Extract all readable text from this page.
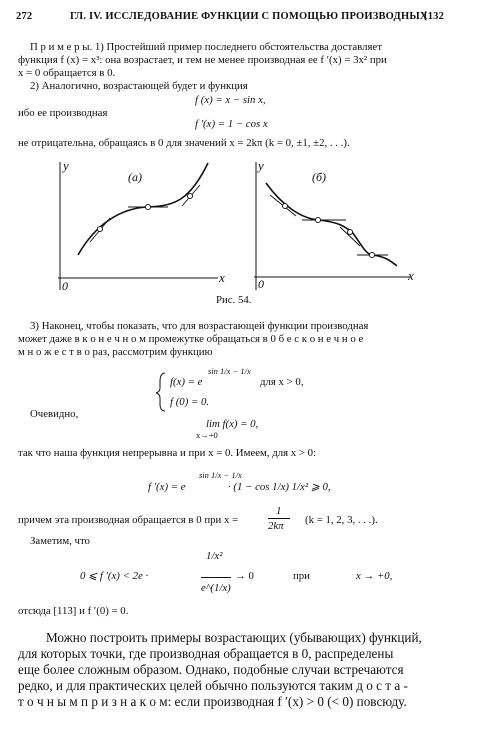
272	ГЛ. IV. ИССЛЕДОВАНИЕ ФУНКЦИИ С ПОМОЩЬЮ ПРОИЗВОДНЫХ
[132
П р и м е р ы. 1) Простейший пример последнего обстоятельства доставляет
функция f (x) = x³: она возрастает, и тем не менее производная ее f ′(x) = 3x² при
x = 0 обращается в 0.
2) Аналогично, возрастающей будет и функция
f (x) = x − sin x,
ибо ее производная
f ′(x) = 1 − cos x
не отрицательна, обращаясь в 0 для значений x = 2kπ (k = 0, ±1, ±2, . . .).
y
(а)
x
0
y
(б)
x
0
Рис. 54.
3) Наконец, чтобы показать, что для возрастающей функции производная
может даже в к о н е ч н о м промежутке обращаться в 0 б е с к о н е ч н о е
м н о ж е с т в о раз, рассмотрим функцию
f(x) = e
sin 1/x − 1/x
для x > 0,
f (0) = 0.
Очевидно,
lim f(x) = 0,
x→+0
так что наша функция непрерывна и при x = 0. Имеем, для x > 0:
f ′(x) = e
sin 1/x − 1/x
· (1 − cos 1/x) 1/x² ⩾ 0,
причем эта производная обращается в 0 при x =
1
2kπ (k = 1, 2, 3, . . .).
Заметим, что
0 ⩽ f ′(x) < 2e ·
1/x²
e^(1/x)
→ 0	при	x → +0,
отсюда [113] и f ′(0) = 0.
Можно построить примеры возрастающих (убывающих) функций,
для которых точки, где производная обращается в 0, распределены
еще более сложным образом. Однако, подобные случаи встречаются
редко, и для практических целей обычно пользуются таким д о с т а -
т о ч н ы м п р и з н а к о м: если производная f ′(x) > 0 (< 0) повсюду.
